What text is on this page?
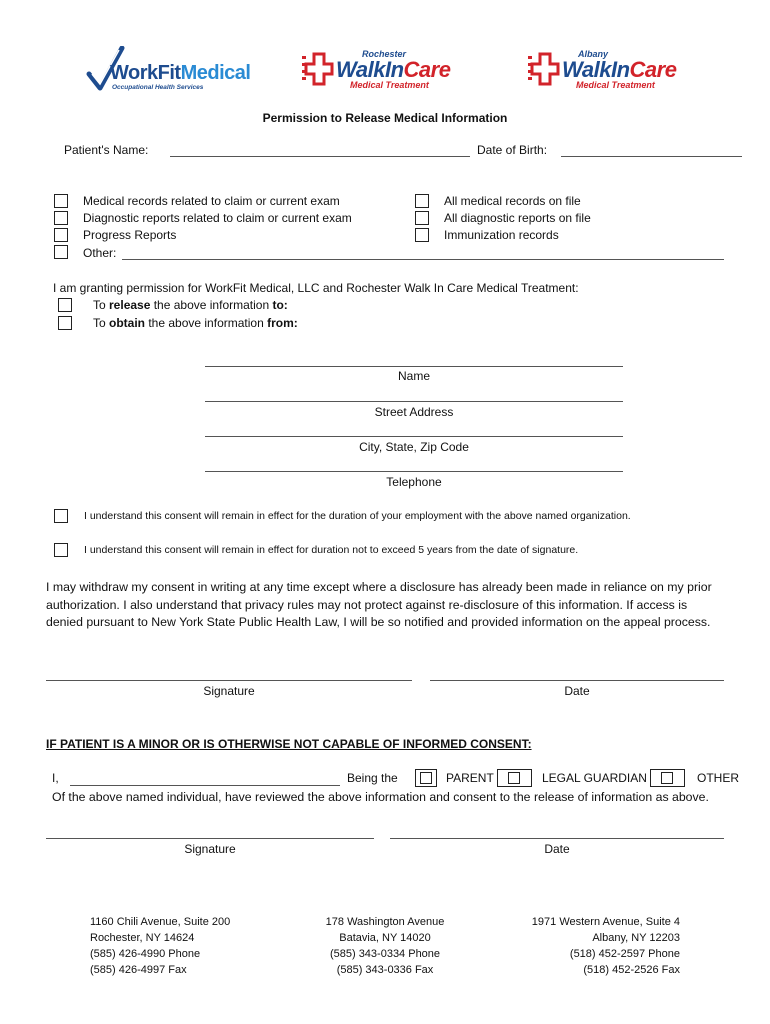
WorkFitMedical
Occupational Health Services
Rochester
WalkInCare
Medical Treatment
Albany
WalkInCare
Medical Treatment
Permission to Release Medical Information
Patient's Name:	Date of Birth:
Medical records related to claim or current exam
Diagnostic reports related to claim or current exam
Progress Reports
Other:
All medical records on file
All diagnostic reports on file
Immunization records
I am granting permission for WorkFit Medical, LLC and Rochester Walk In Care Medical Treatment:
To release the above information to:
To obtain the above information from:
Name
Street Address
City, State, Zip Code
Telephone
I understand this consent will remain in effect for the duration of your employment with the above named organization.
I understand this consent will remain in effect for duration not to exceed 5 years from the date of signature.
I may withdraw my consent in writing at any time except where a disclosure has already been made in reliance on my prior authorization. I also understand that privacy rules may not protect against re-disclosure of this information. If access is denied pursuant to New York State Public Health Law, I will be so notified and provided information on the appeal process.
Signature	Date
IF PATIENT IS A MINOR OR IS OTHERWISE NOT CAPABLE OF INFORMED CONSENT:
I,	Being the	PARENT	LEGAL GUARDIAN	OTHER
Of the above named individual, have reviewed the above information and consent to the release of information as above.
Signature	Date
1160 Chili Avenue, Suite 200
Rochester, NY 14624
(585) 426-4990 Phone
(585) 426-4997 Fax
178 Washington Avenue
Batavia, NY 14020
(585) 343-0334 Phone
(585) 343-0336 Fax
1971 Western Avenue, Suite 4
Albany, NY 12203
(518) 452-2597 Phone
(518) 452-2526 Fax
